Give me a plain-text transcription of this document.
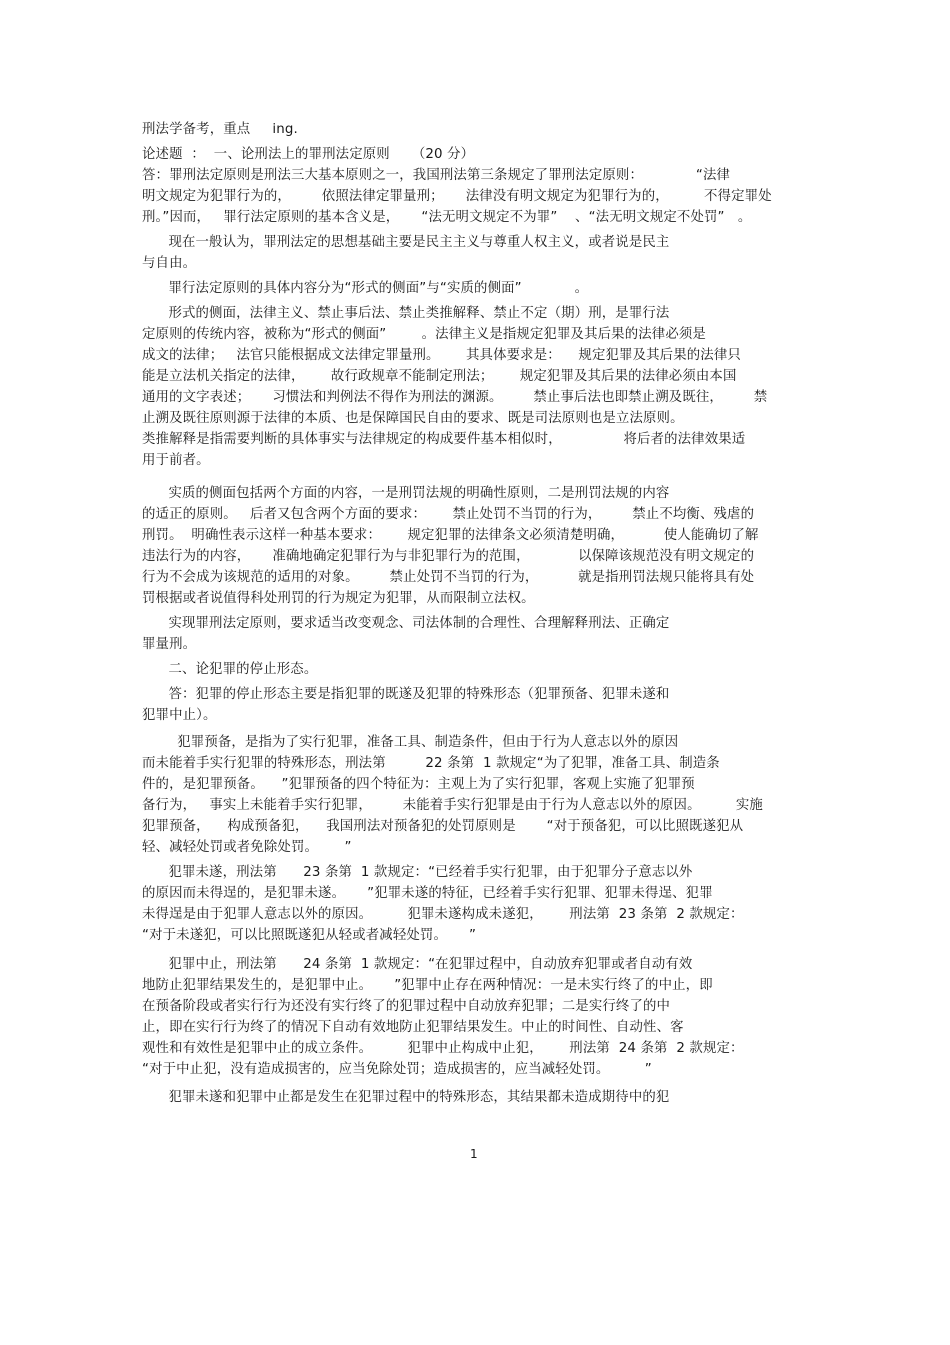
刑法学备考，重点     ing.
论述题  ：  一、论刑法上的罪刑法定原则     （20 分）
答：罪刑法定原则是刑法三大基本原则之一，我国刑法第三条规定了罪刑法定原则：            “法律
明文规定为犯罪行为的，       依照法律定罪量刑；     法律没有明文规定为犯罪行为的，        不得定罪处
刑。”因而，   罪行法定原则的基本含义是，     “法无明文规定不为罪”    、“法无明文规定不处罚”   。
现在一般认为，罪刑法定的思想基础主要是民主主义与尊重人权主义，或者说是民主
与自由。
罪行法定原则的具体内容分为“形式的侧面”与“实质的侧面”            。
形式的侧面，法律主义、禁止事后法、禁止类推解释、禁止不定（期）刑，是罪行法
定原则的传统内容，被称为“形式的侧面”        。法律主义是指规定犯罪及其后果的法律必须是
成文的法律；   法官只能根据成文法律定罪量刑。      其具体要求是：    规定犯罪及其后果的法律只
能是立法机关指定的法律，      故行政规章不能制定刑法；      规定犯罪及其后果的法律必须由本国
通用的文字表述；     习惯法和判例法不得作为刑法的渊源。       禁止事后法也即禁止溯及既往，       禁
止溯及既往原则源于法律的本质、也是保障国民自由的要求、既是司法原则也是立法原则。
类推解释是指需要判断的具体事实与法律规定的构成要件基本相似时，              将后者的法律效果适
用于前者。
实质的侧面包括两个方面的内容，一是刑罚法规的明确性原则，二是刑罚法规的内容
的适正的原则。   后者又包含两个方面的要求：      禁止处罚不当罚的行为，       禁止不均衡、残虐的
刑罚。  明确性表示这样一种基本要求：      规定犯罪的法律条文必须清楚明确，         使人能确切了解
违法行为的内容，     准确地确定犯罪行为与非犯罪行为的范围，           以保障该规范没有明文规定的
行为不会成为该规范的适用的对象。       禁止处罚不当罚的行为，         就是指刑罚法规只能将具有处
罚根据或者说值得科处刑罚的行为规定为犯罪，从而限制立法权。
实现罪刑法定原则，要求适当改变观念、司法体制的合理性、合理解释刑法、正确定
罪量刑。
二、论犯罪的停止形态。
答：犯罪的停止形态主要是指犯罪的既遂及犯罪的特殊形态（犯罪预备、犯罪未遂和
犯罪中止）。
犯罪预备，是指为了实行犯罪，准备工具、制造条件，但由于行为人意志以外的原因
而未能着手实行犯罪的特殊形态，刑法第         22 条第  1 款规定“为了犯罪，准备工具、制造条
件的，是犯罪预备。    ”犯罪预备的四个特征为：主观上为了实行犯罪，客观上实施了犯罪预
备行为，   事实上未能着手实行犯罪，       未能着手实行犯罪是由于行为人意志以外的原因。        实施
犯罪预备，    构成预备犯，    我国刑法对预备犯的处罚原则是       “对于预备犯，可以比照既遂犯从
轻、减轻处罚或者免除处罚。      ”
犯罪未遂，刑法第      23 条第  1 款规定：“已经着手实行犯罪，由于犯罪分子意志以外
的原因而未得逞的，是犯罪未遂。     ”犯罪未遂的特征，已经着手实行犯罪、犯罪未得逞、犯罪
未得逞是由于犯罪人意志以外的原因。        犯罪未遂构成未遂犯，      刑法第  23 条第  2 款规定：
“对于未遂犯，可以比照既遂犯从轻或者减轻处罚。     ”
犯罪中止，刑法第      24 条第  1 款规定：“在犯罪过程中，自动放弃犯罪或者自动有效
地防止犯罪结果发生的，是犯罪中止。     ”犯罪中止存在两种情况：一是未实行终了的中止，即
在预备阶段或者实行行为还没有实行终了的犯罪过程中自动放弃犯罪；二是实行终了的中
止，即在实行行为终了的情况下自动有效地防止犯罪结果发生。中止的时间性、自动性、客
观性和有效性是犯罪中止的成立条件。        犯罪中止构成中止犯，      刑法第  24 条第  2 款规定：
“对于中止犯，没有造成损害的，应当免除处罚；造成损害的，应当减轻处罚。        ”
犯罪未遂和犯罪中止都是发生在犯罪过程中的特殊形态，其结果都未造成期待中的犯
1
